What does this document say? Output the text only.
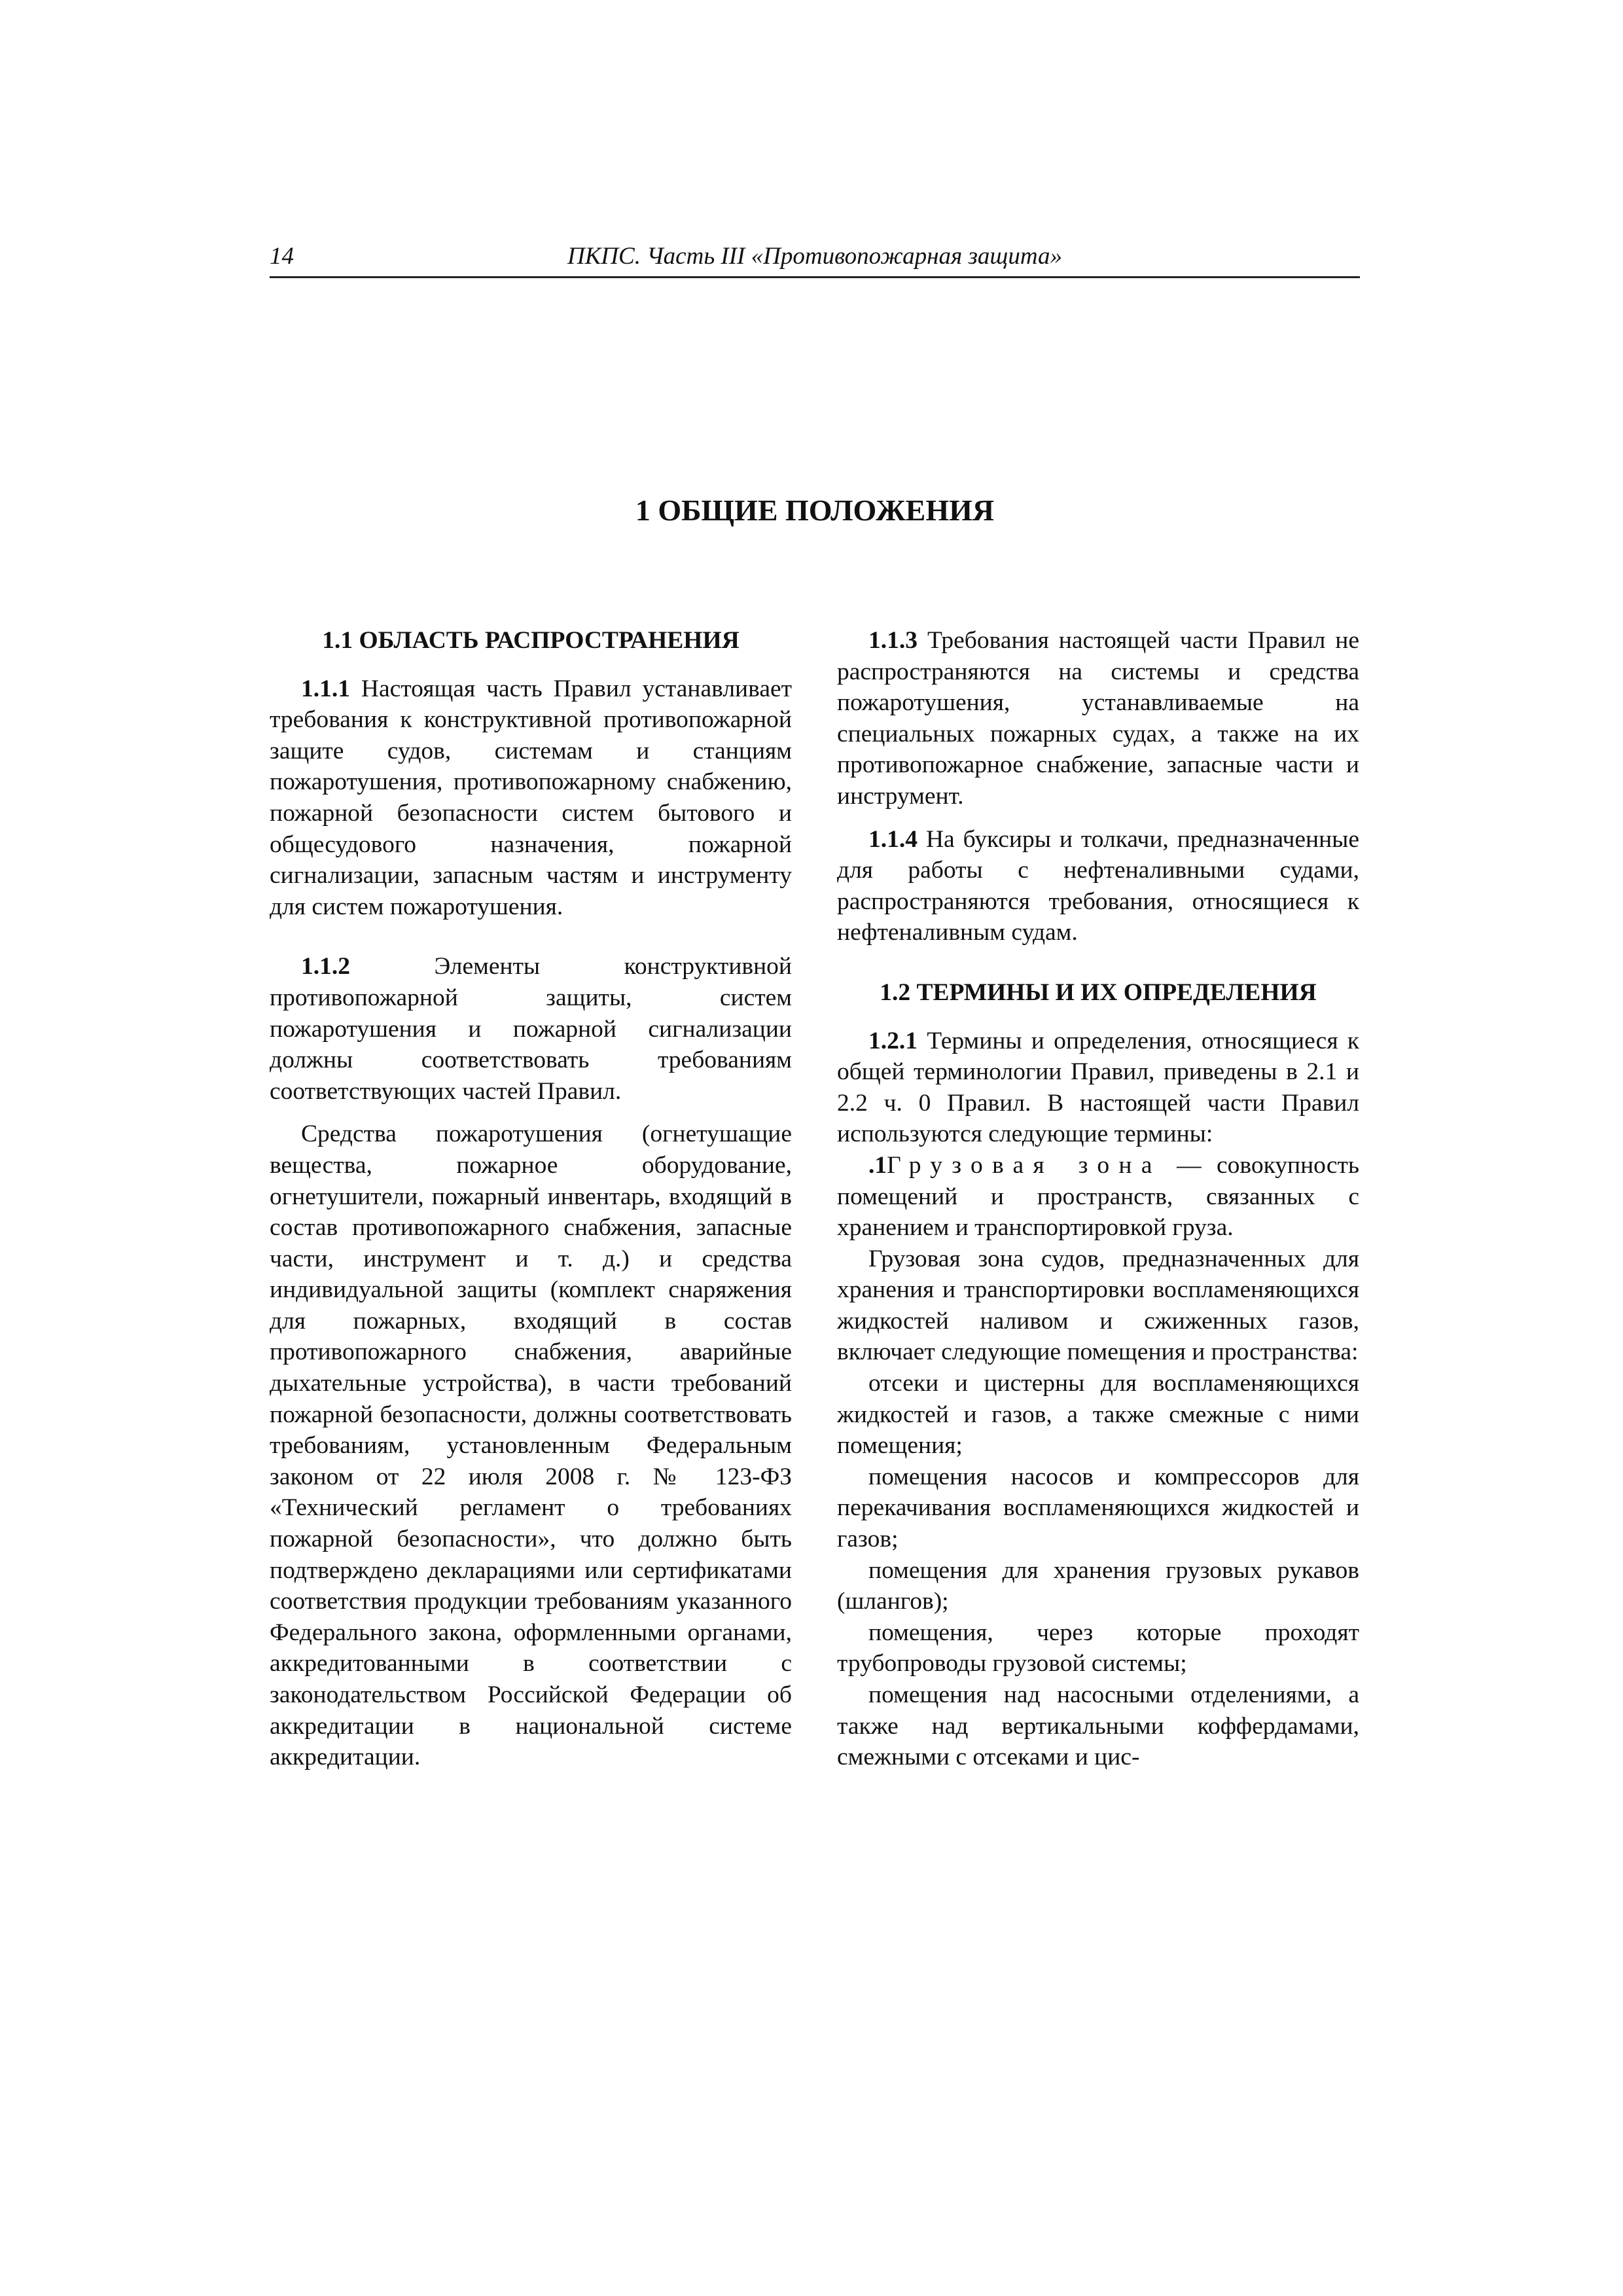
14	ПКПС. Часть III «Противопожарная защита»
1 ОБЩИЕ ПОЛОЖЕНИЯ
1.1 ОБЛАСТЬ РАСПРОСТРАНЕНИЯ

1.1.1 Настоящая часть Правил устанавливает требования к конструктивной противопожарной защите судов, системам и станциям пожаротушения, противопожарному снабжению, пожарной безопасности систем бытового и общесудового назначения, пожарной сигнализации, запасным частям и инструменту для систем пожаротушения.

1.1.2	Элементы конструктивной противопожарной защиты, систем пожаротушения и пожарной сигнализации должны соответствовать требованиям соответствующих частей Правил.

Средства пожаротушения (огнетушащие вещества, пожарное оборудование, огнетушители, пожарный инвентарь, входящий в состав противопожарного снабжения, запасные части, инструмент и т. д.) и средства индивидуальной защиты (комплект снаряжения для пожарных, входящий в состав противопожарного снабжения, аварийные дыхательные устройства), в части требований пожарной безопасности, должны соответствовать требованиям, установленным Федеральным законом от 22 июля 2008 г. № 123-ФЗ «Технический регламент о требованиях пожарной безопасности», что должно быть подтверждено декларациями или сертификатами соответствия продукции требованиям указанного Федерального закона, оформленными органами, аккредитованными в соответствии с законодательством Российской Федерации об аккредитации в национальной системе аккредитации.

1.1.3 Требования настоящей части Правил не распространяются на системы и средства пожаротушения, устанавливаемые на специальных пожарных судах, а также на их противопожарное снабжение, запасные части и инструмент.

1.1.4 На буксиры и толкачи, предназначенные для работы с нефтеналивными судами, распространяются требования, относящиеся к нефтеналивным судам.

1.2 ТЕРМИНЫ И ИХ ОПРЕДЕЛЕНИЯ

1.2.1 Термины и определения, относящиеся к общей терминологии Правил, приведены в 2.1 и 2.2 ч. 0 Правил. В настоящей части Правил используются следующие термины:

.1Грузовая зона — совокупность помещений и пространств, связанных с хранением и транспортировкой груза.

Грузовая зона судов, предназначенных для хранения и транспортировки воспламеняющихся жидкостей наливом и сжиженных газов, включает следующие помещения и пространства:

отсеки и цистерны для воспламеняющихся жидкостей и газов, а также смежные с ними помещения;

помещения насосов и компрессоров для перекачивания воспламеняющихся жидкостей и газов;

помещения для хранения грузовых рукавов (шлангов);

помещения, через которые проходят трубопроводы грузовой системы;

помещения над насосными отделениями, а также над вертикальными коффердамами, смежными с отсеками и цис-
